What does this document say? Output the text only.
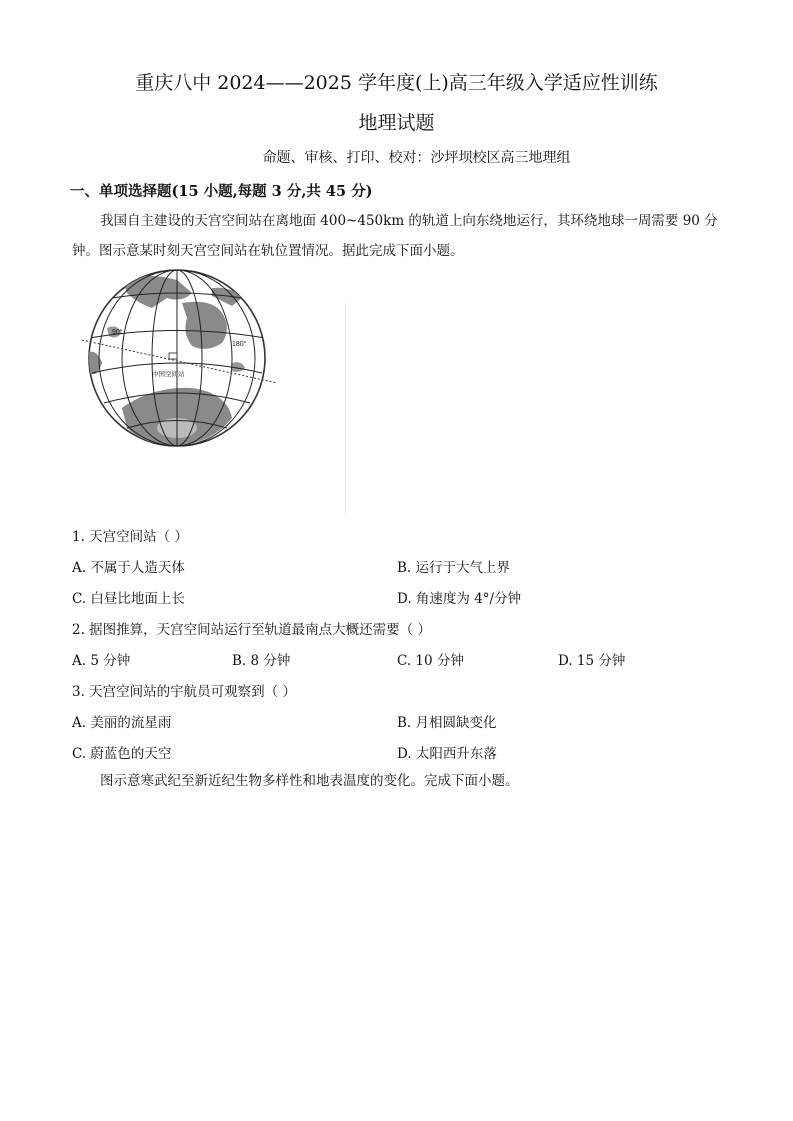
重庆八中 2024——2025 学年度(上)高三年级入学适应性训练
地理试题
命题、审核、打印、校对：沙坪坝校区高三地理组
一、单项选择题(15 小题,每题 3 分,共 45 分)
我国自主建设的天宫空间站在离地面 400~450km 的轨道上向东绕地运行，其环绕地球一周需要 90 分
钟。图示意某时刻天宫空间站在轨位置情况。据此完成下面小题。
90°
180°
中国空间站
1. 天宫空间站（ ）
A. 不属于人造天体	B. 运行于大气上界
C. 白昼比地面上长	D. 角速度为 4°/分钟
2. 据图推算，天宫空间站运行至轨道最南点大概还需要（ ）
A. 5 分钟	B. 8 分钟	C. 10 分钟	D. 15 分钟
3. 天宫空间站的宇航员可观察到（ ）
A. 美丽的流星雨	B. 月相圆缺变化
C. 蔚蓝色的天空	D. 太阳西升东落
图示意寒武纪至新近纪生物多样性和地表温度的变化。完成下面小题。
